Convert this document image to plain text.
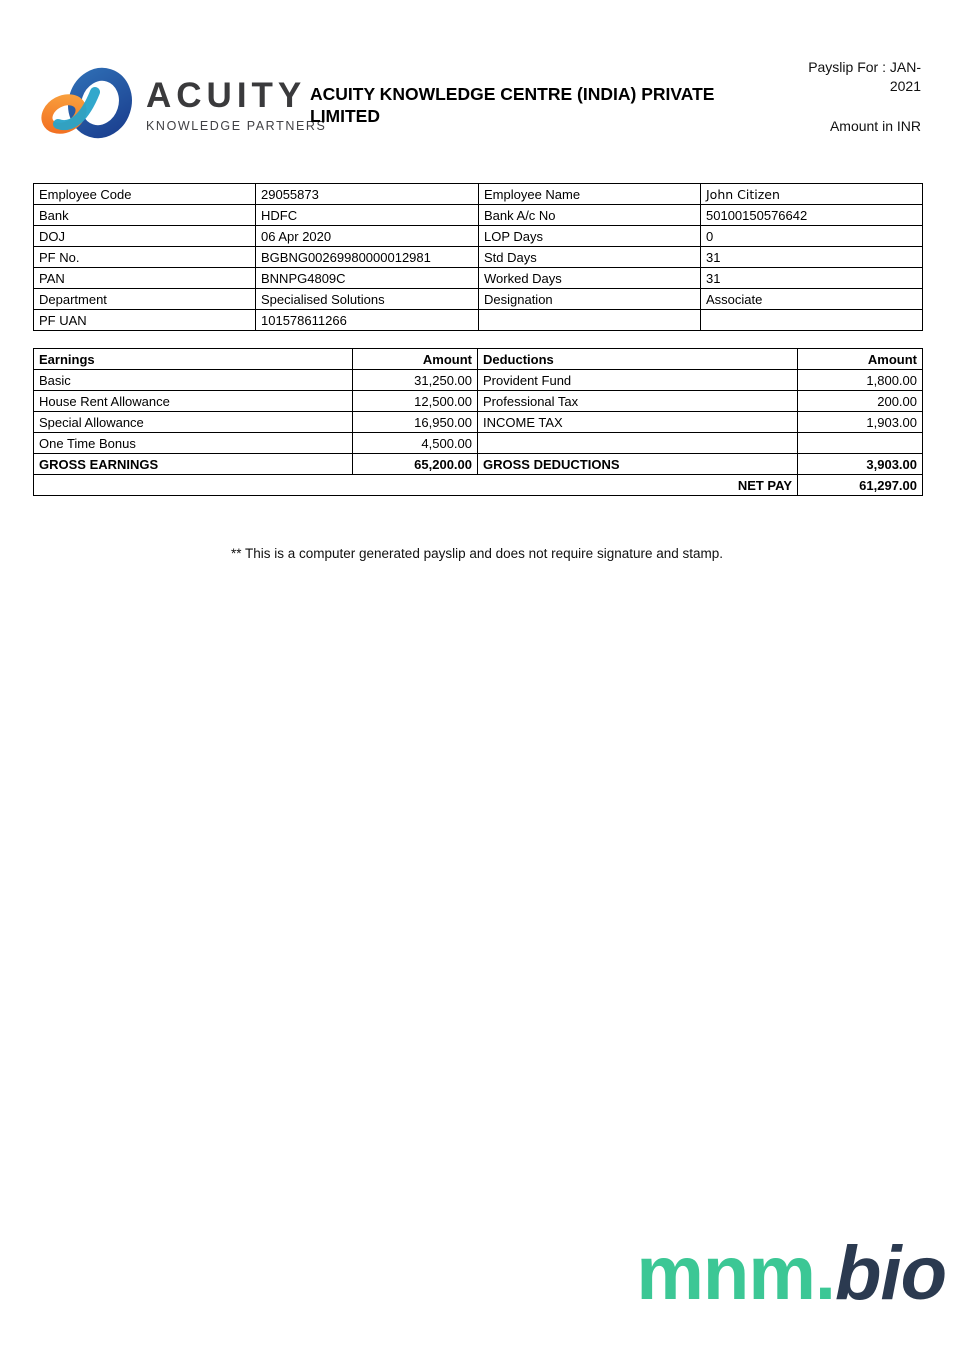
ACUITY
KNOWLEDGE PARTNERS
ACUITY KNOWLEDGE CENTRE (INDIA) PRIVATE LIMITED
Payslip For : JAN-
2021
Amount in INR
Employee Code	29055873	Employee Name	John Citizen
Bank	HDFC	Bank A/c No	50100150576642
DOJ	06 Apr 2020	LOP Days	0
PF No.	BGBNG00269980000012981	Std Days	31
PAN	BNNPG4809C	Worked Days	31
Department	Specialised Solutions	Designation	Associate
PF UAN	101578611266		
Earnings	Amount	Deductions	Amount
Basic	31,250.00	Provident Fund	1,800.00
House Rent Allowance	12,500.00	Professional Tax	200.00
Special Allowance	16,950.00	INCOME TAX	1,903.00
One Time Bonus	4,500.00		
GROSS EARNINGS	65,200.00	GROSS DEDUCTIONS	3,903.00
NET PAY			61,297.00
** This is a computer generated payslip and does not require signature and stamp.
mnm.bio
